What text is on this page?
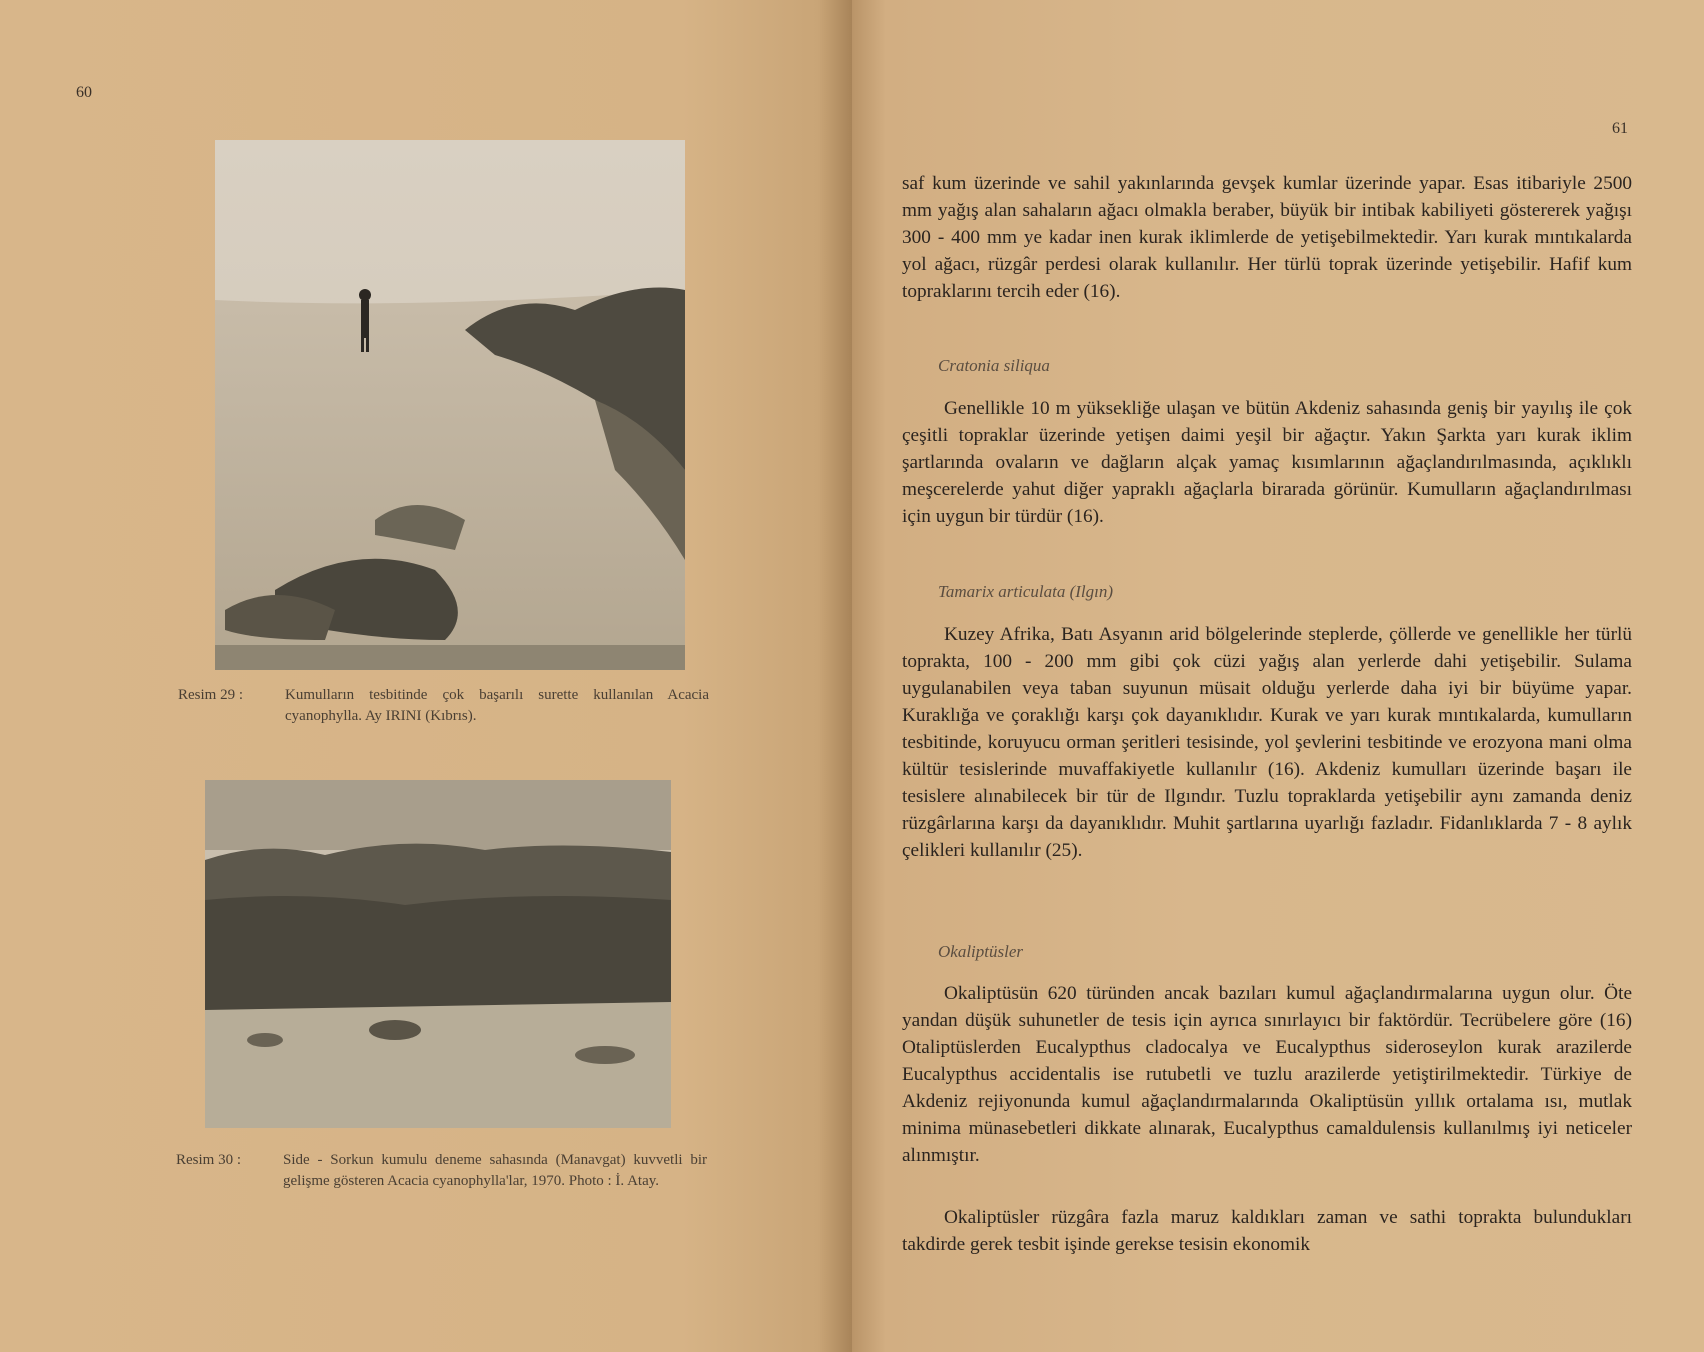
60
Resim 29 :	Kumulların tesbitinde çok başarılı surette kullanılan Acacia cyanophylla. Ay IRINI (Kıbrıs).
Resim 30 :	Side - Sorkun kumulu deneme sahasında (Manavgat) kuvvetli bir gelişme gösteren Acacia cyanophylla'lar, 1970. Photo : İ. Atay.
61

saf kum üzerinde ve sahil yakınlarında gevşek kumlar üzerinde yapar. Esas itibariyle 2500 mm yağış alan sahaların ağacı olmakla beraber, büyük bir intibak kabiliyeti göstererek yağışı 300 - 400 mm ye kadar inen kurak iklimlerde de yetişebilmektedir. Yarı kurak mıntıkalarda yol ağacı, rüzgâr perdesi olarak kullanılır. Her türlü toprak üzerinde yetişebilir. Hafif kum topraklarını tercih eder (16).

Cratonia siliqua

Genellikle 10 m yüksekliğe ulaşan ve bütün Akdeniz sahasında geniş bir yayılış ile çok çeşitli topraklar üzerinde yetişen daimi yeşil bir ağaçtır. Yakın Şarkta yarı kurak iklim şartlarında ovaların ve dağların alçak yamaç kısımlarının ağaçlandırılmasında, açıklıklı meşcerelerde yahut diğer yapraklı ağaçlarla birarada görünür. Kumulların ağaçlandırılması için uygun bir türdür (16).

Tamarix articulata (Ilgın)

Kuzey Afrika, Batı Asyanın arid bölgelerinde steplerde, çöllerde ve genellikle her türlü toprakta, 100 - 200 mm gibi çok cüzi yağış alan yerlerde dahi yetişebilir. Sulama uygulanabilen veya taban suyunun müsait olduğu yerlerde daha iyi bir büyüme yapar. Kuraklığa ve çoraklığı karşı çok dayanıklıdır. Kurak ve yarı kurak mıntıkalarda, kumulların tesbitinde, koruyucu orman şeritleri tesisinde, yol şevlerini tesbitinde ve erozyona mani olma kültür tesislerinde muvaffakiyetle kullanılır (16). Akdeniz kumulları üzerinde başarı ile tesislere alınabilecek bir tür de Ilgındır. Tuzlu topraklarda yetişebilir aynı zamanda deniz rüzgârlarına karşı da dayanıklıdır. Muhit şartlarına uyarlığı fazladır. Fidanlıklarda 7 - 8 aylık çelikleri kullanılır (25).

Okaliptüsler

Okaliptüsün 620 türünden ancak bazıları kumul ağaçlandırmalarına uygun olur. Öte yandan düşük suhunetler de tesis için ayrıca sınırlayıcı bir faktördür. Tecrübelere göre (16) Otaliptüslerden Eucalypthus cladocalya ve Eucalypthus sideroseylon kurak arazilerde Eucalypthus accidentalis ise rutubetli ve tuzlu arazilerde yetiştirilmektedir. Türkiye de Akdeniz rejiyonunda kumul ağaçlandırmalarında Okaliptüsün yıllık ortalama ısı, mutlak minima münasebetleri dikkate alınarak, Eucalypthus camaldulensis kullanılmış iyi neticeler alınmıştır.

Okaliptüsler rüzgâra fazla maruz kaldıkları zaman ve sathi toprakta bulundukları takdirde gerek tesbit işinde gerekse tesisin ekonomik
